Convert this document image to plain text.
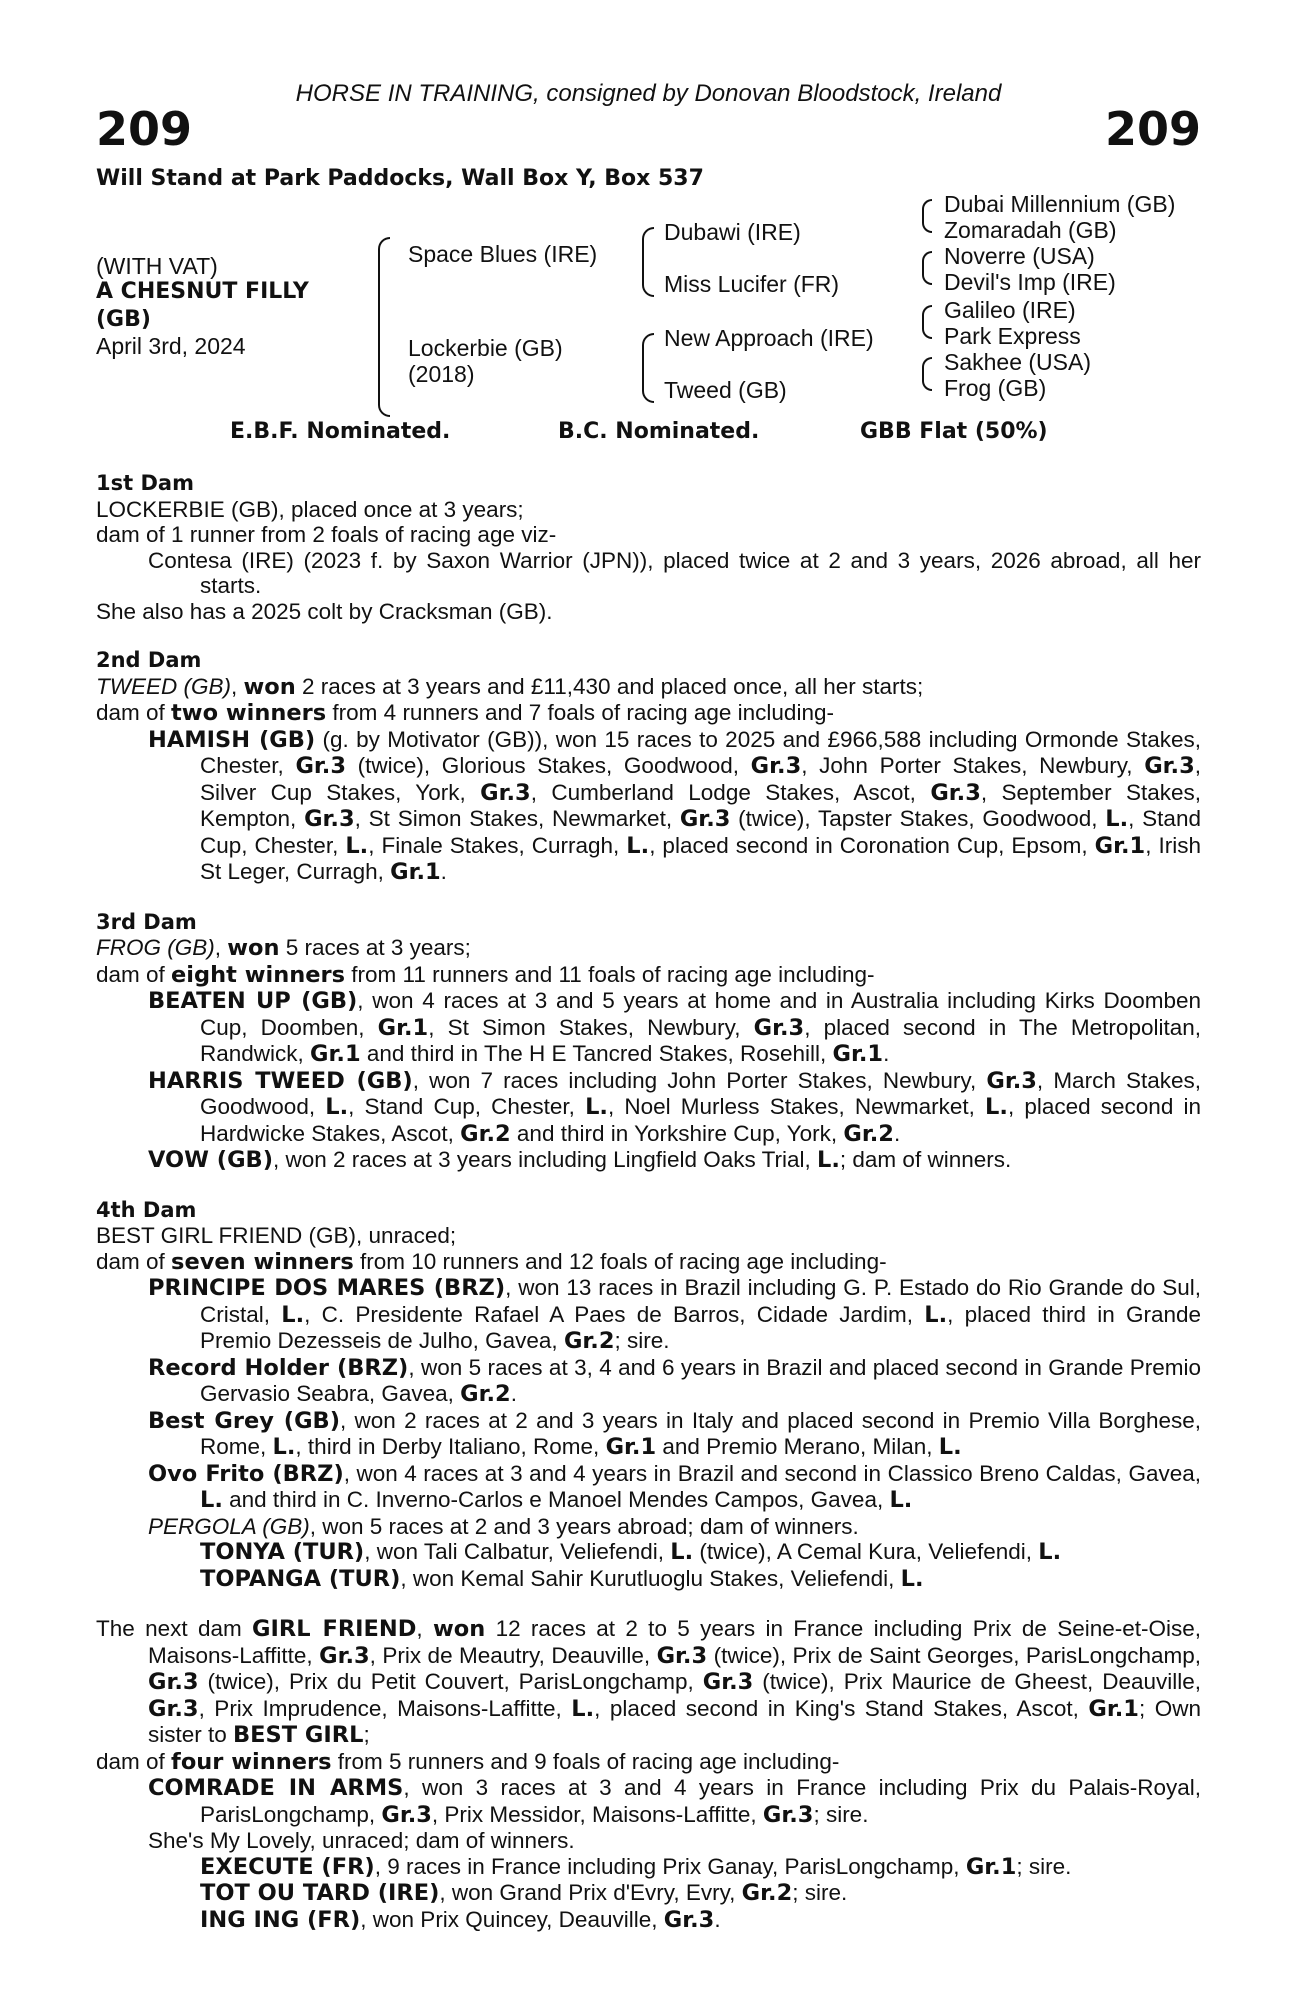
HORSE IN TRAINING, consigned by Donovan Bloodstock, Ireland
209	209
Will Stand at Park Paddocks, Wall Box Y, Box 537
(WITH VAT)
A CHESNUT FILLY
(GB)
April 3rd, 2024
Space Blues (IRE)
Lockerbie (GB)
(2018)
Dubawi (IRE)
Miss Lucifer (FR)
New Approach (IRE)
Tweed (GB)
Dubai Millennium (GB)
Zomaradah (GB)
Noverre (USA)
Devil's Imp (IRE)
Galileo (IRE)
Park Express
Sakhee (USA)
Frog (GB)
E.B.F. Nominated.	B.C. Nominated.	GBB Flat (50%)
1st Dam
LOCKERBIE (GB), placed once at 3 years;
dam of 1 runner from 2 foals of racing age viz-
Contesa (IRE) (2023 f. by Saxon Warrior (JPN)), placed twice at 2 and 3 years, 2026 abroad, all her starts.
She also has a 2025 colt by Cracksman (GB).
2nd Dam
TWEED (GB), won 2 races at 3 years and £11,430 and placed once, all her starts;
dam of two winners from 4 runners and 7 foals of racing age including-
HAMISH (GB) (g. by Motivator (GB)), won 15 races to 2025 and £966,588 including Ormonde Stakes, Chester, Gr.3 (twice), Glorious Stakes, Goodwood, Gr.3, John Porter Stakes, Newbury, Gr.3, Silver Cup Stakes, York, Gr.3, Cumberland Lodge Stakes, Ascot, Gr.3, September Stakes, Kempton, Gr.3, St Simon Stakes, Newmarket, Gr.3 (twice), Tapster Stakes, Goodwood, L., Stand Cup, Chester, L., Finale Stakes, Curragh, L., placed second in Coronation Cup, Epsom, Gr.1, Irish St Leger, Curragh, Gr.1.
3rd Dam
FROG (GB), won 5 races at 3 years;
dam of eight winners from 11 runners and 11 foals of racing age including-
BEATEN UP (GB), won 4 races at 3 and 5 years at home and in Australia including Kirks Doomben Cup, Doomben, Gr.1, St Simon Stakes, Newbury, Gr.3, placed second in The Metropolitan, Randwick, Gr.1 and third in The H E Tancred Stakes, Rosehill, Gr.1.
HARRIS TWEED (GB), won 7 races including John Porter Stakes, Newbury, Gr.3, March Stakes, Goodwood, L., Stand Cup, Chester, L., Noel Murless Stakes, Newmarket, L., placed second in Hardwicke Stakes, Ascot, Gr.2 and third in Yorkshire Cup, York, Gr.2.
VOW (GB), won 2 races at 3 years including Lingfield Oaks Trial, L.; dam of winners.
4th Dam
BEST GIRL FRIEND (GB), unraced;
dam of seven winners from 10 runners and 12 foals of racing age including-
PRINCIPE DOS MARES (BRZ), won 13 races in Brazil including G. P. Estado do Rio Grande do Sul, Cristal, L., C. Presidente Rafael A Paes de Barros, Cidade Jardim, L., placed third in Grande Premio Dezesseis de Julho, Gavea, Gr.2; sire.
Record Holder (BRZ), won 5 races at 3, 4 and 6 years in Brazil and placed second in Grande Premio Gervasio Seabra, Gavea, Gr.2.
Best Grey (GB), won 2 races at 2 and 3 years in Italy and placed second in Premio Villa Borghese, Rome, L., third in Derby Italiano, Rome, Gr.1 and Premio Merano, Milan, L.
Ovo Frito (BRZ), won 4 races at 3 and 4 years in Brazil and second in Classico Breno Caldas, Gavea, L. and third in C. Inverno-Carlos e Manoel Mendes Campos, Gavea, L.
PERGOLA (GB), won 5 races at 2 and 3 years abroad; dam of winners.
TONYA (TUR), won Tali Calbatur, Veliefendi, L. (twice), A Cemal Kura, Veliefendi, L.
TOPANGA (TUR), won Kemal Sahir Kurutluoglu Stakes, Veliefendi, L.
The next dam GIRL FRIEND, won 12 races at 2 to 5 years in France including Prix de Seine-et-Oise, Maisons-Laffitte, Gr.3, Prix de Meautry, Deauville, Gr.3 (twice), Prix de Saint Georges, ParisLongchamp, Gr.3 (twice), Prix du Petit Couvert, ParisLongchamp, Gr.3 (twice), Prix Maurice de Gheest, Deauville, Gr.3, Prix Imprudence, Maisons-Laffitte, L., placed second in King's Stand Stakes, Ascot, Gr.1; Own sister to BEST GIRL;
dam of four winners from 5 runners and 9 foals of racing age including-
COMRADE IN ARMS, won 3 races at 3 and 4 years in France including Prix du Palais-Royal, ParisLongchamp, Gr.3, Prix Messidor, Maisons-Laffitte, Gr.3; sire.
She's My Lovely, unraced; dam of winners.
EXECUTE (FR), 9 races in France including Prix Ganay, ParisLongchamp, Gr.1; sire.
TOT OU TARD (IRE), won Grand Prix d'Evry, Evry, Gr.2; sire.
ING ING (FR), won Prix Quincey, Deauville, Gr.3.
